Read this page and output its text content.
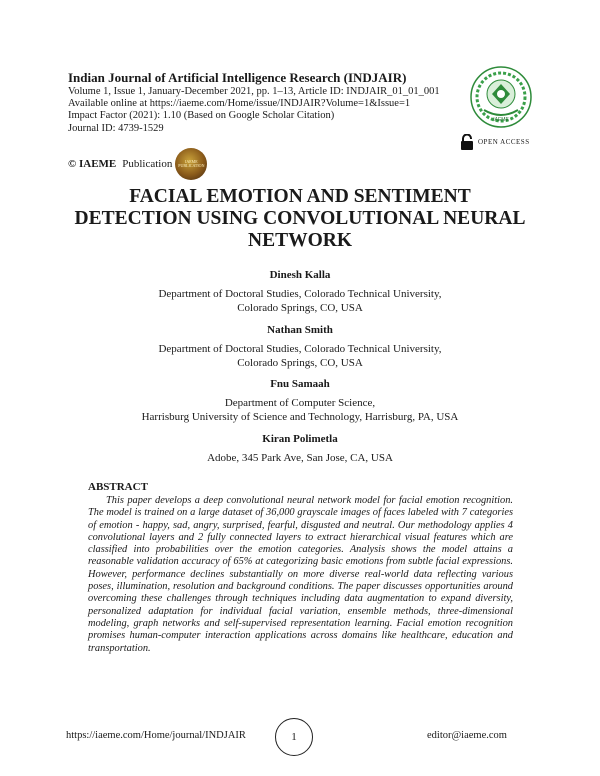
Indian Journal of Artificial Intelligence Research (INDJAIR)

Volume 1, Issue 1, January-December 2021, pp. 1–13, Article ID: INDJAIR_01_01_001

Available online at https://iaeme.com/Home/issue/INDJAIR?Volume=1&Issue=1

Impact Factor (2021): 1.10 (Based on Google Scholar Citation)

Journal ID: 4739-1529

© IAEME Publication	IAEME PUBLICATION
IAEME
OPEN ACCESS
FACIAL EMOTION AND SENTIMENT
DETECTION USING CONVOLUTIONAL NEURAL
NETWORK
Dinesh Kalla
Department of Doctoral Studies, Colorado Technical University,
Colorado Springs, CO, USA
Nathan Smith
Department of Doctoral Studies, Colorado Technical University,
Colorado Springs, CO, USA
Fnu Samaah
Department of Computer Science,
Harrisburg University of Science and Technology, Harrisburg, PA, USA
Kiran Polimetla
Adobe, 345 Park Ave, San Jose, CA, USA
ABSTRACT

This paper develops a deep convolutional neural network model for facial emotion recognition. The model is trained on a large dataset of 36,000 grayscale images of faces labeled with 7 categories of emotion - happy, sad, angry, surprised, fearful, disgusted and neutral. Our methodology applies 4 convolutional layers and 2 fully connected layers to extract hierarchical visual features which are classified into probabilities over the emotion categories. Analysis shows the model attains a reasonable validation accuracy of 65% at categorizing basic emotions from subtle facial expressions. However, performance declines substantially on more diverse real-world data reflecting various poses, illumination, resolution and background conditions. The paper discusses opportunities around overcoming these challenges through techniques including data augmentation to expand diversity, personalized adaptation for individual facial variation, ensemble methods, three-dimensional modeling, graph networks and self-supervised representation learning. Facial emotion recognition promises human-computer interaction applications across domains like healthcare, education and transportation.

https://iaeme.com/Home/journal/INDJAIR	1	editor@iaeme.com
